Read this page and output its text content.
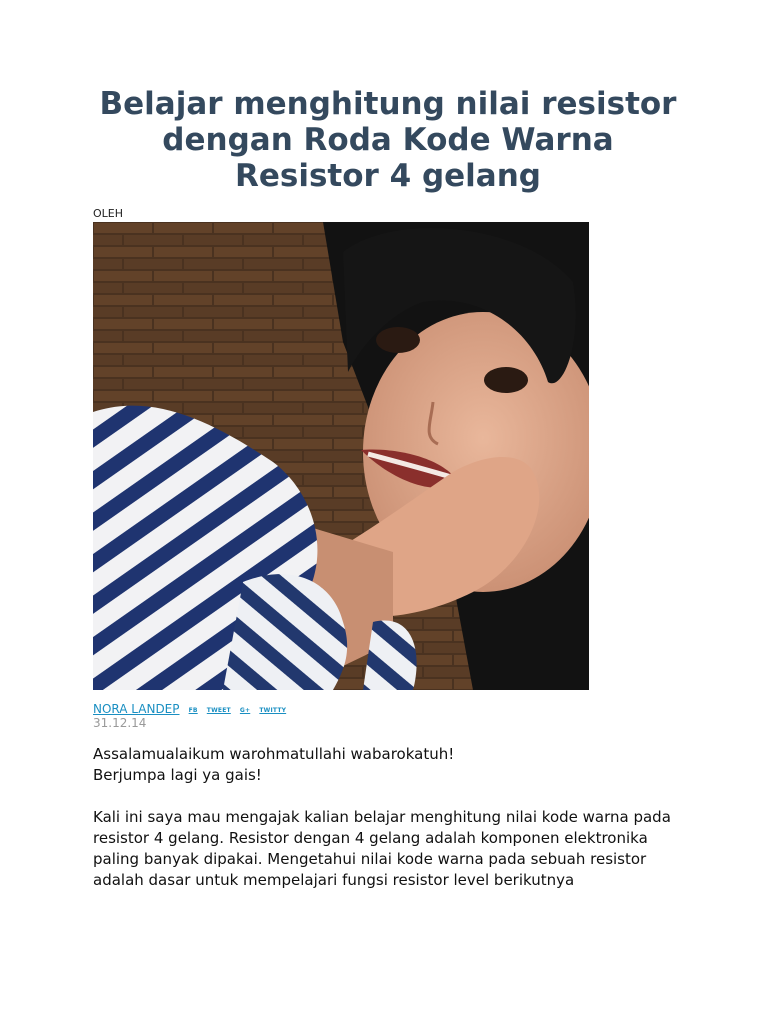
Belajar menghitung nilai resistor dengan Roda Kode Warna Resistor 4 gelang
OLEH
NORA LANDEP FB TWEET G+ TWITTY
31.12.14

Assalamualaikum warohmatullahi wabarokatuh!

Berjumpa lagi ya gais!

Kali ini saya mau mengajak kalian belajar menghitung nilai kode warna pada resistor 4 gelang. Resistor dengan 4 gelang adalah komponen elektronika paling banyak dipakai. Mengetahui nilai kode warna pada sebuah resistor adalah dasar untuk mempelajari fungsi resistor level berikutnya
